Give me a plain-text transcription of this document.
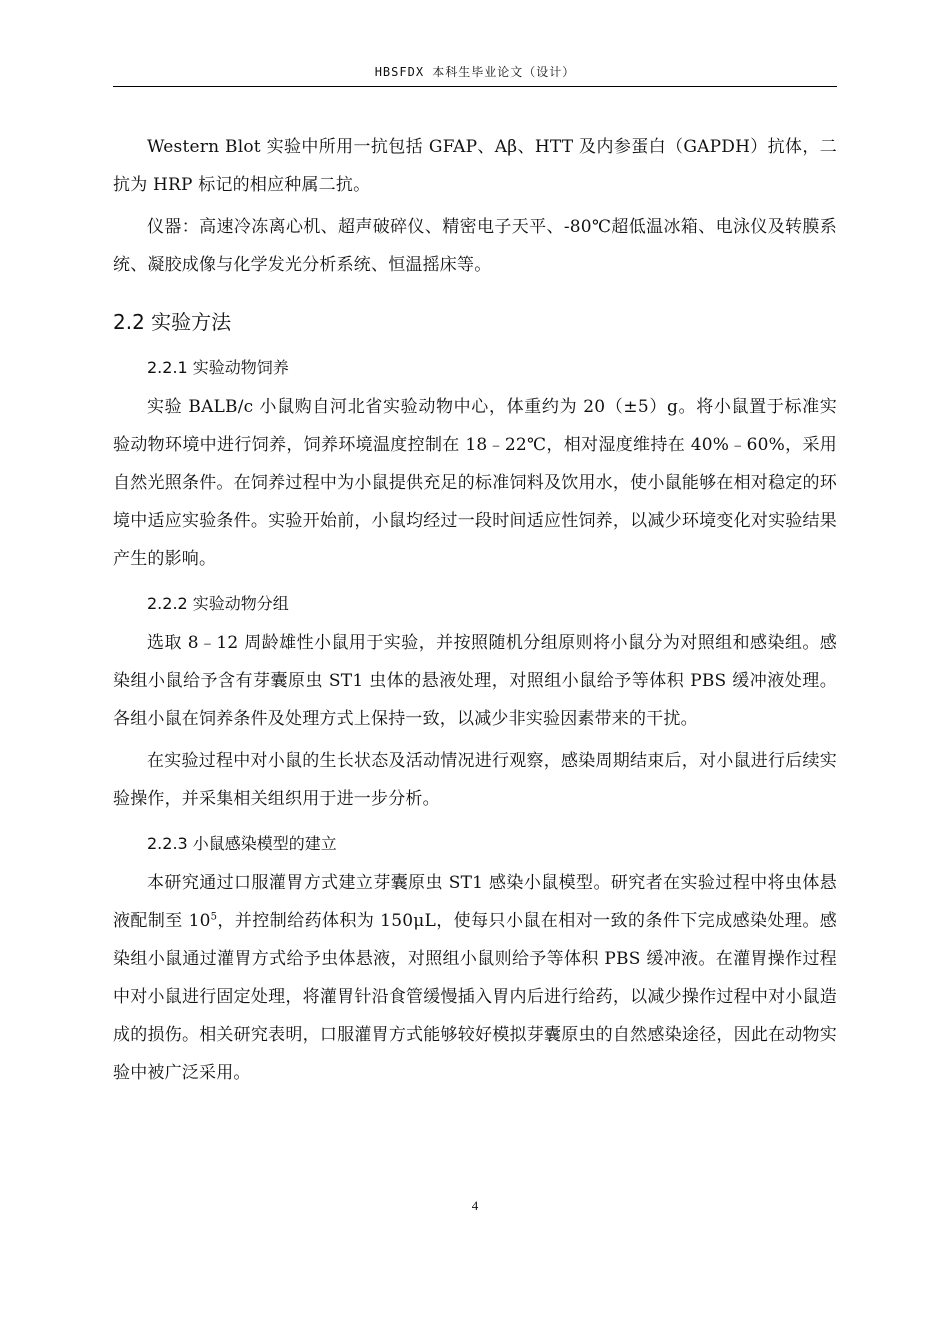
HBSFDX 本科生毕业论文（设计）

Western Blot 实验中所用一抗包括 GFAP、Aβ、HTT 及内参蛋白（GAPDH）抗体，二抗为 HRP 标记的相应种属二抗。

仪器：高速冷冻离心机、超声破碎仪、精密电子天平、-80℃超低温冰箱、电泳仪及转膜系统、凝胶成像与化学发光分析系统、恒温摇床等。

2.2 实验方法
2.2.1 实验动物饲养

实验 BALB/c 小鼠购自河北省实验动物中心，体重约为 20（±5）g。将小鼠置于标准实验动物环境中进行饲养，饲养环境温度控制在 18﹣22℃，相对湿度维持在 40%﹣60%，采用自然光照条件。在饲养过程中为小鼠提供充足的标准饲料及饮用水，使小鼠能够在相对稳定的环境中适应实验条件。实验开始前，小鼠均经过一段时间适应性饲养，以减少环境变化对实验结果产生的影响。

2.2.2 实验动物分组

选取 8﹣12 周龄雄性小鼠用于实验，并按照随机分组原则将小鼠分为对照组和感染组。感染组小鼠给予含有芽囊原虫 ST1 虫体的悬液处理，对照组小鼠给予等体积 PBS 缓冲液处理。各组小鼠在饲养条件及处理方式上保持一致，以减少非实验因素带来的干扰。

在实验过程中对小鼠的生长状态及活动情况进行观察，感染周期结束后，对小鼠进行后续实验操作，并采集相关组织用于进一步分析。

2.2.3 小鼠感染模型的建立

本研究通过口服灌胃方式建立芽囊原虫 ST1 感染小鼠模型。研究者在实验过程中将虫体悬液配制至 $10^5$，并控制给药体积为 150μL，使每只小鼠在相对一致的条件下完成感染处理。感染组小鼠通过灌胃方式给予虫体悬液，对照组小鼠则给予等体积 PBS 缓冲液。在灌胃操作过程中对小鼠进行固定处理，将灌胃针沿食管缓慢插入胃内后进行给药，以减少操作过程中对小鼠造成的损伤。相关研究表明，口服灌胃方式能够较好模拟芽囊原虫的自然感染途径，因此在动物实验中被广泛采用。

4
